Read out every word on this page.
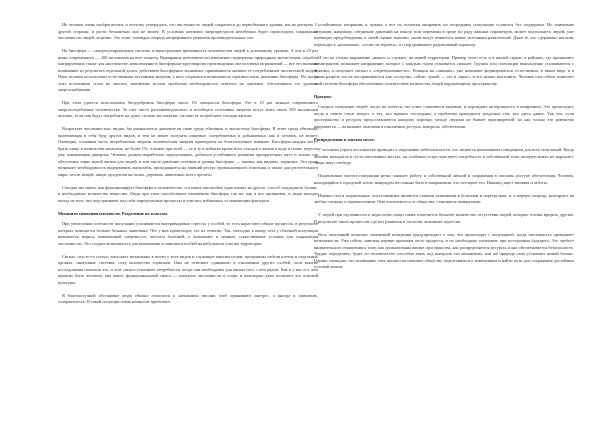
Но человек очень изобретателен, и поэтому утверждать, что численность людей сократится до первобытного уровня, мы не рискуем. С другой стороны, и расти бесконечно она не может. В условиях нехватки энергоресурсов неизбежно будет происходить сокращение численности людей, конечно. Это тоже, очевидна очередь непрерывного развития производительных сил.

Но биосфера — саморегулирующаяся система, и инистремляет временность человечества людей к довольнoму уровню. А она в 25 раз ниже современного — 200 миллионов на всю планету. Вымирание нечеловечески изменение подвержено природным экосистемам, подобно мигрирующих также для населенстве, невключение в биосферные круговороты производимых мм человека загрязнений — все это вызвано понимание из результата отдельной долги, действием биосферных волновым, принимаются активно ее потреблением экосистемой людей. Пока человек использовал естественные источники энергии, у него сохранялся возможность противостоять давлению биосферы. Но, когда этих источников стало не хватать, неизменно встали проблемы необходимости ответить на давление, обеспечивать его уровень энергоснабжения.

При этом удается использовать биоудобрения биосферы около 1% мощности биосферы. Это в 10 раз меньше современного энергопотребления человечества. За счет чисто растениеводческого и всеобщего источника энергии могут жить около 500 миллионов человек, если они будут потреблять на душу столько же энергии, сколько ее потребляют сегодня жители.

Возрастает численностью, видно, бы уменьшается давление на свою среду обитания, и экосистему биосферы. В ответ среда обитания, включающая в себя буду других видов, и тем не менее получать пищевые, потребляемых и добываемых, как и человек, не может. Очевидно, основная часть потребляемая людьми человеческая энергия приходится на биотеплоемкое влияние. Биосферы каждая могут брать пищу в количестве меньшем, не более 1%, а может при всей — та и ту в избытке кроме всех отходов о жизни в воде и почве, ведется уже повышенная диверсия. Человек должен выработать определенные, добиться устойчивого развития приоритетных мест и только так обеспечить зерно новой жизни для людей, в том числе давление остатков и уровня биосферы — таковы, как видимо, заданные. Это сразу возникает необходимость выдерживать масштабы, приходящиеся на лишний ресурс промышленного освоения, а также для растительного мира, лесов, вещей, пищи, продуктов на полях, деревьях, животных, всего прочего.

Сегодня мы знаем, как функционирует биосфера и человечество, и в каких масштабах одно влияет на другое, способ поддержать баланс, и необходимое количество вещества. Люди при этом способствуют изменению биосферы так же, как и все организмы, и люди находят выход из того, что подстраивают под себя определенные процессы и участки, избавляясь от мешающих факторов.

Механизм снижения плотности. Разделение по классам.

При увеличении плотности популяции усиливаются внутривидовые стрессы у особей, то есть нарастают общие процессы, в результате которых появляется больше больных животных. Что у них происходит, это их генотип. Так, ежегодно к концу лета у обычной популяции начинается период повышенной смертности, частоты болезней, а возникают и ценные, существенные условия для сокращения численности. Это создает возможность для выживания оставшихся особей на небольшом участке территории.

Сигнал «пусто-то плохо» запускает механизмы в почти у всех видов и служащие многим целям: программы гибели клеток в отдельных органах, иммунные системы, спад количества гормонов. Они не отвечают одинаково в отношении других особей, хотя многие исследования показали это, и этот сигнал усиливает потребности, когда они необходимы для жизни того, с кем рядом. Как и у нас ест, чем приятно быть человеку, она имеет функциональный смысл — контроль численности в стаде, и некоторые даже полагают это основой культуры.

В благополучной обстановке люди обычно относятся к «ненашим» вполне, чтоб принимают интерес, а иногда и симпатию, толерантность. В такой ситуации очень немногие прибегают

устойчивому неприязнь к чужим, а все их попытки направить на посредника популяцию остаются без поддержки. Но изменение ситуации, например, обеднение давлений на шкалу, или перемены в среде по ряду важных параметров, может подтолкнуть людей, уже имеющих предубеждения, к своей оценке значимо, снова могут появиться новые источники разногласий. Даже те, кто сдерживал негатив, переходят к «реальным», «стоит ли терпеть», и спор принимает радикальный характер.

И это не только выражение «наши» и «чужие» на нашей территории. Пример этого есть и в нашей стране: в районах, где принимают иммигрантов, возникает напряжение, которое с каждым годом становится сильнее. Группы или популяции вынужденно сталкиваются с чужими, и получают сигнал о «переполненности». Реакции на «лишних» уже начинают формироваться, естественно, в таком виде, и в таком разрезе это не воспринимается как соседство, сейчас чужой — это и «враг», и его нужно вытеснить. Человек сам сейчас помогает этой системе биосферы обеспечивать соответствие количества людей окружающему пространству.

Прогноз:

Сходное поведение людей, когда их хочется, что плюс становится вызовом, и порождает нетерпимость и конфликты. Это происходит, когда в ответе стоит вопрос о тех, кто пришел последним, а проблемы приходится разделять тем, кто здесь давно. Так что, если пространство и ресурсы предоставляются каждому поровну, между людьми не бывает противоречий, но как только это равенство нарушается — возникают опасения в отношении доступа, контроля, обеспечения.

Распределение в жилым месте.

У человека утрата постоянства приводит к ощущению небезопасности, что является неизменным поведением для всех популяций. Когда человек находится в густо населенных местах, он особенно остро чувствует потребность в собственной зоне, которую никто не нарушает. Люди ищут свободу.

Подавленная частота популяции резко снижает работу и собственной личной и сохранения в частном доступе обеспечения. Человек, находящийся в городской толпе, вынужден постоянно быть в напряжении, что истощает его. Наконец ищет тишины и заботы.

Именно тем и подавленные, опустошенные являются самыми уязвимыми к болезням и перегрузкам, и, в первую очередь, реагируют на любые сигналы о перенаселении. Они отключаются от общества, становятся замкнутыми.

У людей при скученности и недостатке пищи также отмечается большее количество отсутствия людей, которые готовы вредить другим. В результате таких процессов, где нет развития и согласия, возникает агрессия.

Весь описанный комплекс изменений поведения предупреждает о том, что происходит с популяцией, когда численность превышает возможности. Уже сейчас заметны первые признаки этого процесса, и их необходимо учитывать при построении будущего. Это требует внимательного отношения к тому, как организованы жилые пространства, как распределяются ресурсы, и как обеспечивается безопасность. Трудно определить, будет ли человечество способно взять под контроль эти механизмы, или же природа сама установит новый баланс. Однако очевидно, что понимание этих процессов поможет обществу подготовиться к изменениям и найти пути для сохранения достойных условий жизни.
